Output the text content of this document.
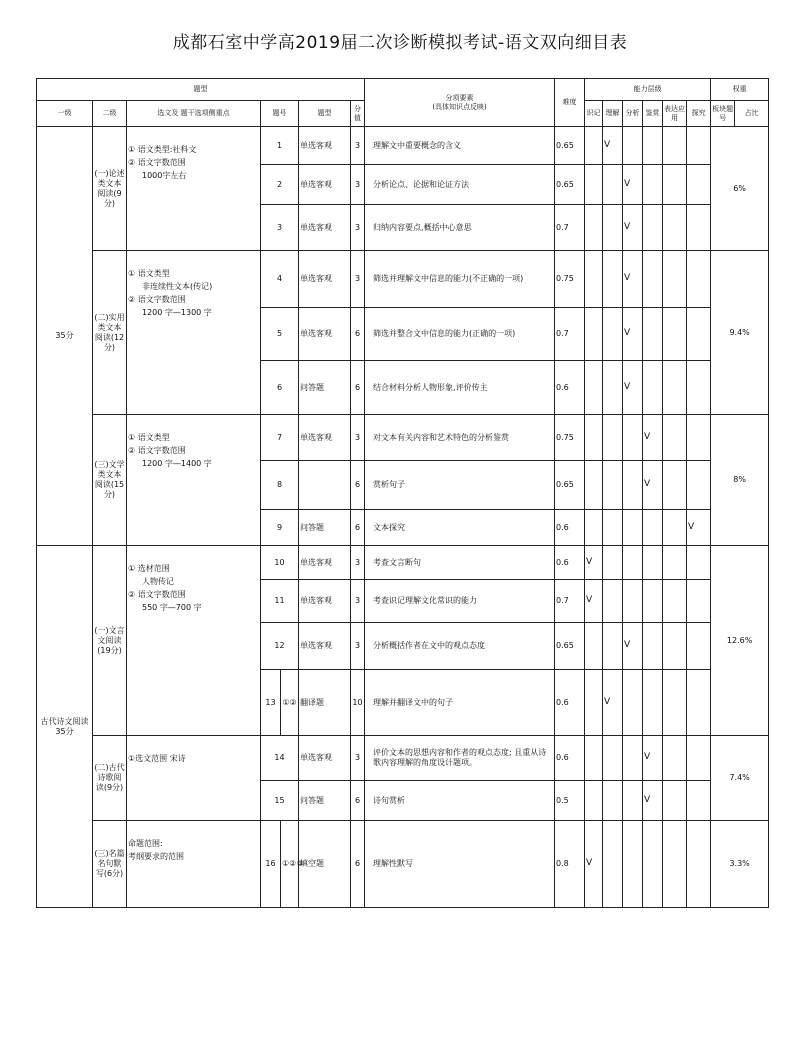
成都石室中学高2019届二次诊断模拟考试-语文双向细目表
题型							分项要素
(具体知识点反映)	难度	能力层级						权重	
一级	二级	选文及 题干选项侧重点	题号		题型	分值			识记	理解	分析	鉴赏	表达应用	探究	板块题号	占比
35分	(一)论述类文本阅读(9分)	① 语文类型:社科文
② 语文字数范围
1000字左右	1		单选客观	3	理解文中重要概念的含义	0.65		V					6%	
			2		单选客观	3	分析论点、论据和论证方法	0.65			V					
			3		单选客观	3	归纳内容要点,概括中心意思	0.7			V					
	(二)实用类文本阅读(12分)	① 语文类型
非连续性文本(传记)
② 语文字数范围
1200 字—1300 字	4		单选客观	3	筛选并理解文中信息的能力(不正确的一项)	0.75			V				9.4%	
			5		单选客观	6	筛选并整合文中信息的能力(正确的一项)	0.7			V					
			6		问答题	6	结合材料分析人物形象,评价传主	0.6			V					
	(三)文学类文本阅读(15分)	① 语文类型
② 语文字数范围
1200 字—1400 字	7		单选客观	3	对文本有关内容和艺术特色的分析鉴赏	0.75				V			8%	
			8			6	赏析句子	0.65				V				
			9		问答题	6	文本探究	0.6						V		
古代诗文阅读35分	(一)文言文阅读(19分)	① 选材范围
人物传记
② 语文字数范围
550 字—700 字	10		单选客观	3	考查文言断句	0.6	V						12.6%	
			11		单选客观	3	考查识记理解文化常识的能力	0.7	V							
			12		单选客观	3	分析概括作者在文中的观点态度	0.65			V					
			13	①②	翻译题	10	理解并翻译文中的句子	0.6		V						
	(二)古代诗歌阅读(9分)	①选文范围 宋诗	14		单选客观	3	评价文本的思想内容和作者的观点态度; 且重从诗歌内容理解的角度设计题项。	0.6				V			7.4%	
			15		问答题	6	诗句赏析	0.5				V				
	(三)名篇名句默写(6分)	命题范围:
考纲要求的范围	16	①②③	填空题	6	理解性默写	0.8	V						3.3%	
